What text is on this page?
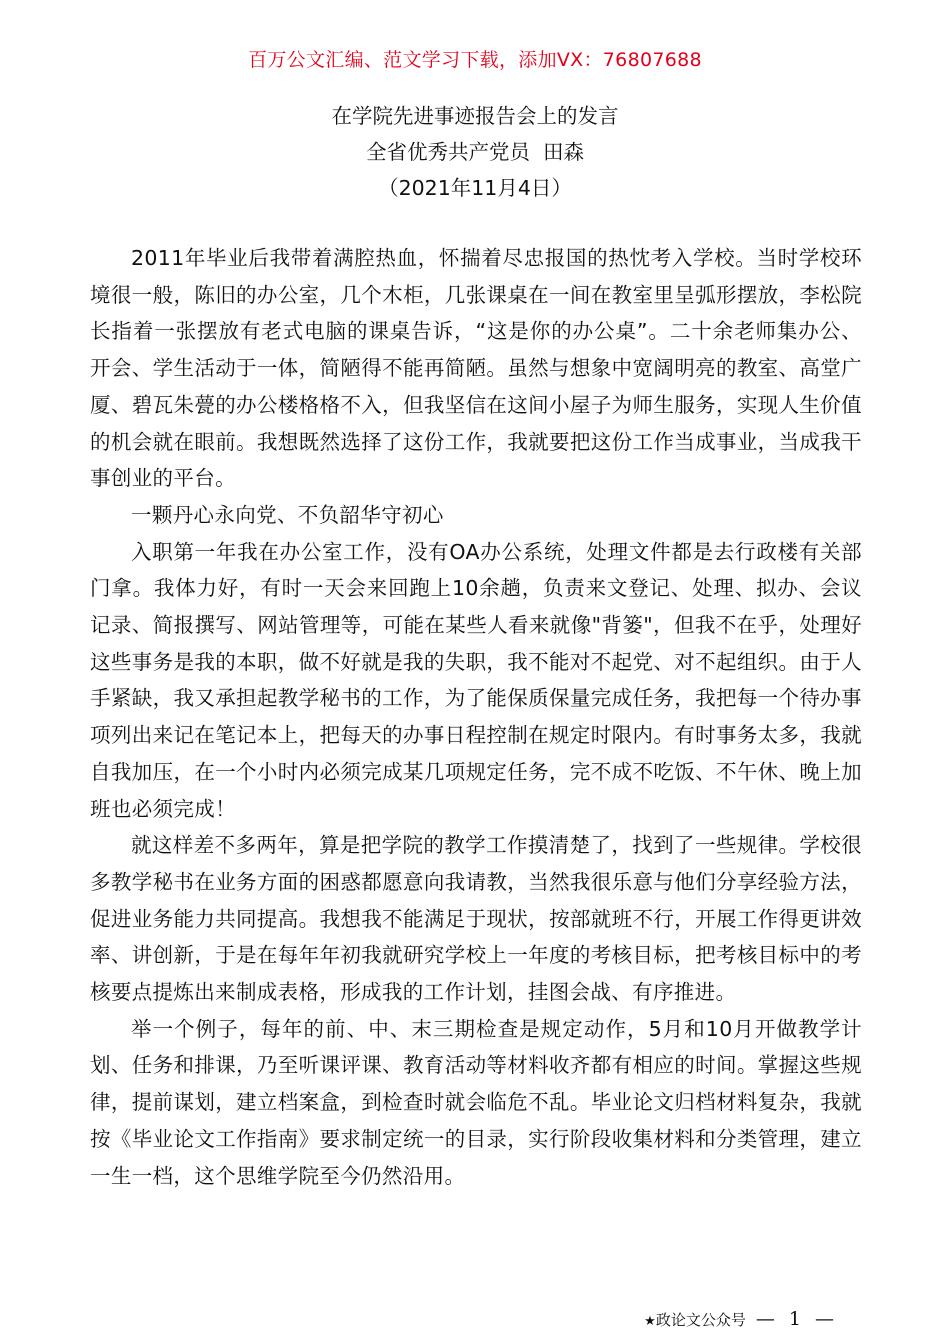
百万公文汇编、范文学习下载，添加VX：76807688
在学院先进事迹报告会上的发言
全省优秀共产党员  田森
（2021年11月4日）

2011年毕业后我带着满腔热血，怀揣着尽忠报国的热忱考入学校。当时学校环境很一般，陈旧的办公室，几个木柜，几张课桌在一间在教室里呈弧形摆放，李松院长指着一张摆放有老式电脑的课桌告诉，“这是你的办公桌”。二十余老师集办公、开会、学生活动于一体，简陋得不能再简陋。虽然与想象中宽阔明亮的教室、高堂广厦、碧瓦朱甍的办公楼格格不入，但我坚信在这间小屋子为师生服务，实现人生价值的机会就在眼前。我想既然选择了这份工作，我就要把这份工作当成事业，当成我干事创业的平台。

一颗丹心永向党、不负韶华守初心

入职第一年我在办公室工作，没有OA办公系统，处理文件都是去行政楼有关部门拿。我体力好，有时一天会来回跑上10余趟，负责来文登记、处理、拟办、会议记录、简报撰写、网站管理等，可能在某些人看来就像"背篓"，但我不在乎，处理好这些事务是我的本职，做不好就是我的失职，我不能对不起党、对不起组织。由于人手紧缺，我又承担起教学秘书的工作，为了能保质保量完成任务，我把每一个待办事项列出来记在笔记本上，把每天的办事日程控制在规定时限内。有时事务太多，我就自我加压，在一个小时内必须完成某几项规定任务，完不成不吃饭、不午休、晚上加班也必须完成！

就这样差不多两年，算是把学院的教学工作摸清楚了，找到了一些规律。学校很多教学秘书在业务方面的困惑都愿意向我请教，当然我很乐意与他们分享经验方法，促进业务能力共同提高。我想我不能满足于现状，按部就班不行，开展工作得更讲效率、讲创新，于是在每年年初我就研究学校上一年度的考核目标，把考核目标中的考核要点提炼出来制成表格，形成我的工作计划，挂图会战、有序推进。

举一个例子，每年的前、中、末三期检查是规定动作，5月和10月开做教学计划、任务和排课，乃至听课评课、教育活动等材料收齐都有相应的时间。掌握这些规律，提前谋划，建立档案盒，到检查时就会临危不乱。毕业论文归档材料复杂，我就按《毕业论文工作指南》要求制定统一的目录，实行阶段收集材料和分类管理，建立一生一档，这个思维学院至今仍然沿用。

★政论文公众号 — 1 —
